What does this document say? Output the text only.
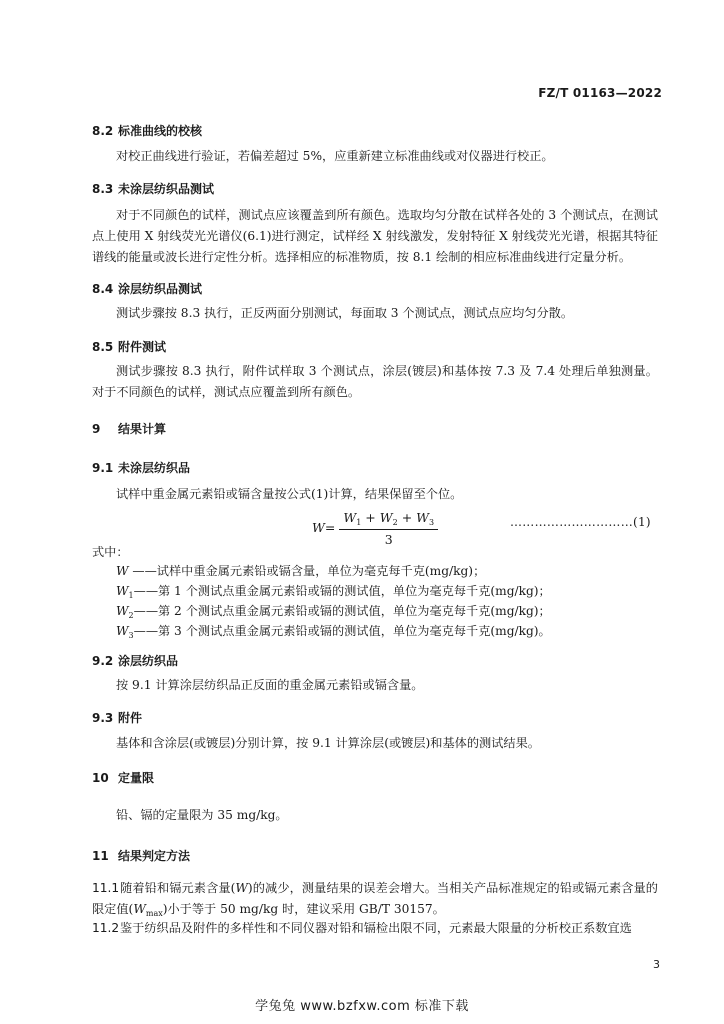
FZ/T 01163—2022
8.2 标准曲线的校核
对校正曲线进行验证，若偏差超过 5%，应重新建立标准曲线或对仪器进行校正。
8.3 未涂层纺织品测试
对于不同颜色的试样，测试点应该覆盖到所有颜色。选取均匀分散在试样各处的 3 个测试点，在测试点上使用 X 射线荧光光谱仪(6.1)进行测定，试样经 X 射线激发，发射特征 X 射线荧光光谱，根据其特征谱线的能量或波长进行定性分析。选择相应的标准物质，按 8.1 绘制的相应标准曲线进行定量分析。
8.4 涂层纺织品测试
测试步骤按 8.3 执行，正反两面分别测试，每面取 3 个测试点，测试点应均匀分散。
8.5 附件测试
测试步骤按 8.3 执行，附件试样取 3 个测试点，涂层(镀层)和基体按 7.3 及 7.4 处理后单独测量。对于不同颜色的试样，测试点应覆盖到所有颜色。
9 结果计算
9.1 未涂层纺织品
试样中重金属元素铅或镉含量按公式(1)计算，结果保留至个位。
$W= \frac{W_1 + W_2 + W_3}{3}$	…………………………(1)
式中：
W ——试样中重金属元素铅或镉含量，单位为毫克每千克(mg/kg)；
$W_1——$第 1 个测试点重金属元素铅或镉的测试值，单位为毫克每千克(mg/kg)；
$W_2——$第 2 个测试点重金属元素铅或镉的测试值，单位为毫克每千克(mg/kg)；
$W_3——$第 3 个测试点重金属元素铅或镉的测试值，单位为毫克每千克(mg/kg)。
9.2 涂层纺织品
按 9.1 计算涂层纺织品正反面的重金属元素铅或镉含量。
9.3 附件
基体和含涂层(或镀层)分别计算，按 9.1 计算涂层(或镀层)和基体的测试结果。
10 定量限
铅、镉的定量限为 35 mg/kg。
11 结果判定方法
11.1随着铅和镉元素含量(W)的减少，测量结果的误差会增大。当相关产品标准规定的铅或镉元素含量的限定值$(W_{max})$小于等于 50 mg/kg 时，建议采用 GB/T 30157。
11.2鉴于纺织品及附件的多样性和不同仪器对铅和镉检出限不同，元素最大限量的分析校正系数宜选
3
学兔兔 www.bzfxw.com 标准下载
